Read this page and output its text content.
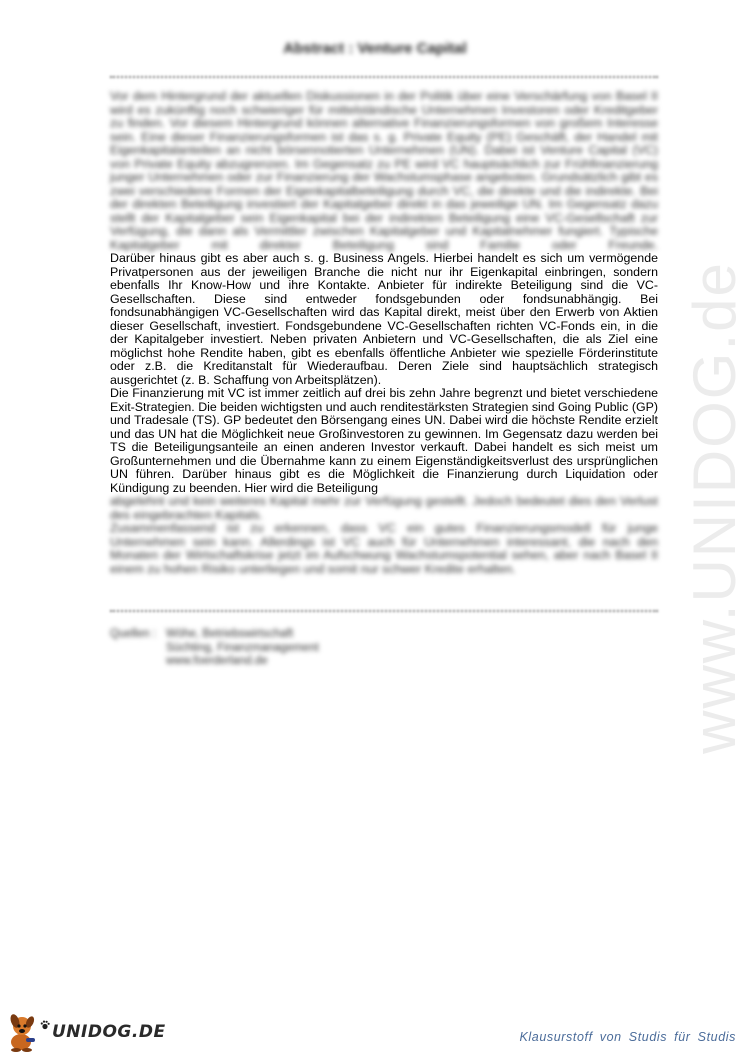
Abstract : Venture Capital

Vor dem Hintergrund der aktuellen Diskussionen in der Politik über eine Verschärfung von Basel II wird es zukünftig noch schwieriger für mittelständische Unternehmen Investoren oder Kreditgeber zu finden. Vor diesem Hintergrund können alternative Finanzierungsformen von großem Interesse sein. Eine dieser Finanzierungsformen ist das s. g. Private Equity (PE) Geschäft, der Handel mit Eigenkapitalanteilen an nicht börsennotierten Unternehmen (UN). Dabei ist Venture Capital (VC) von Private Equity abzugrenzen. Im Gegensatz zu PE wird VC hauptsächlich zur Frühfinanzierung junger Unternehmen oder zur Finanzierung der Wachstumsphase angeboten. Grundsätzlich gibt es zwei verschiedene Formen der Eigenkapitalbeteiligung durch VC, die direkte und die indirekte. Bei der direkten Beteiligung investiert der Kapitalgeber direkt in das jeweilige UN. Im Gegensatz dazu stellt der Kapitalgeber sein Eigenkapital bei der indirekten Beteiligung eine VC-Gesellschaft zur Verfügung, die dann als Vermittler zwischen Kapitalgeber und Kapitalnehmer fungiert. Typische Kapitalgeber mit direkter Beteiligung sind Familie oder Freunde.

Darüber hinaus gibt es aber auch s. g. Business Angels. Hierbei handelt es sich um vermögende Privatpersonen aus der jeweiligen Branche die nicht nur ihr Eigenkapital einbringen, sondern ebenfalls Ihr Know-How und ihre Kontakte. Anbieter für indirekte Beteiligung sind die VC-Gesellschaften. Diese sind entweder fondsgebunden oder fondsunabhängig. Bei fondsunabhängigen VC-Gesellschaften wird das Kapital direkt, meist über den Erwerb von Aktien dieser Gesellschaft, investiert. Fondsgebundene VC-Gesellschaften richten VC-Fonds ein, in die der Kapitalgeber investiert. Neben privaten Anbietern und VC-Gesellschaften, die als Ziel eine möglichst hohe Rendite haben, gibt es ebenfalls öffentliche Anbieter wie spezielle Förderinstitute oder z.B. die Kreditanstalt für Wiederaufbau. Deren Ziele sind hauptsächlich strategisch ausgerichtet (z. B. Schaffung von Arbeitsplätzen).

Die Finanzierung mit VC ist immer zeitlich auf drei bis zehn Jahre begrenzt und bietet verschiedene Exit-Strategien. Die beiden wichtigsten und auch renditestärksten Strategien sind Going Public (GP) und Tradesale (TS). GP bedeutet den Börsengang eines UN. Dabei wird die höchste Rendite erzielt und das UN hat die Möglichkeit neue Großinvestoren zu gewinnen. Im Gegensatz dazu werden bei TS die Beteiligungsanteile an einen anderen Investor verkauft. Dabei handelt es sich meist um Großunternehmen und die Übernahme kann zu einem Eigenständigkeitsverlust des ursprünglichen UN führen. Darüber hinaus gibt es die Möglichkeit die Finanzierung durch Liquidation oder Kündigung zu beenden. Hier wird die Beteiligung

abgelehnt und kein weiteres Kapital mehr zur Verfügung gestellt. Jedoch bedeutet dies den Verlust des eingebrachten Kapitals.
Zusammenfassend ist zu erkennen, dass VC ein gutes Finanzierungsmodell für junge Unternehmen sein kann. Allerdings ist VC auch für Unternehmen interessant, die nach den Monaten der Wirtschaftskrise jetzt im Aufschwung Wachstumspotential sehen, aber nach Basel II einem zu hohen Risiko unterliegen und somit nur schwer Kredite erhalten.

Quellen : Wöhe, Betriebswirtschaft
Süchting, Finanzmanagement
www.foerderland.de	www.UNIDOG.de
UNIDOG.DE	Klausurstoff von Studis für Studis
